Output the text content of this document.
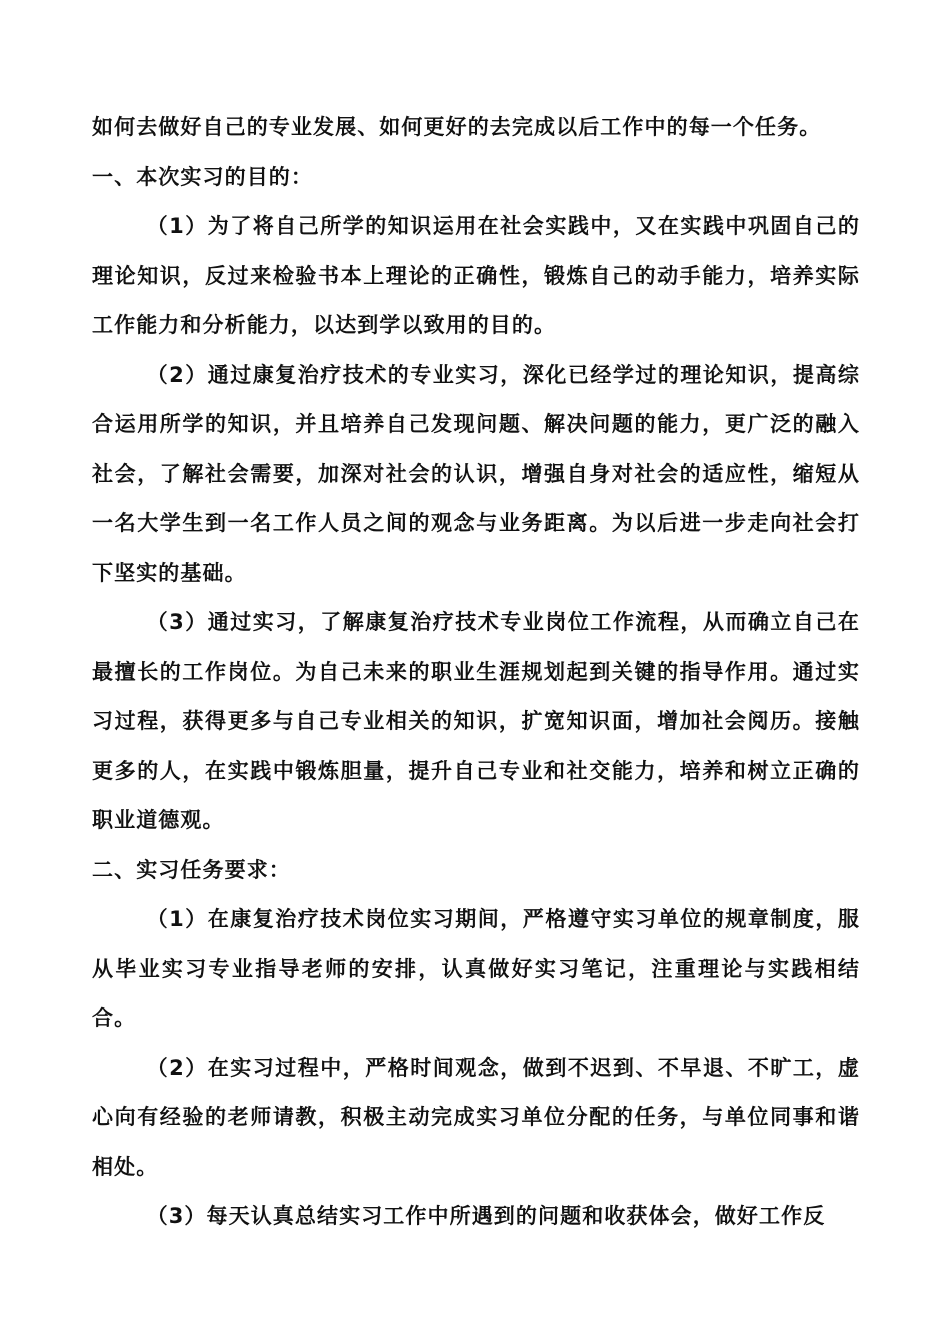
如何去做好自己的专业发展、如何更好的去完成以后工作中的每一个任务。

一、本次实习的目的：

（1）为了将自己所学的知识运用在社会实践中，又在实践中巩固自己的理论知识，反过来检验书本上理论的正确性，锻炼自己的动手能力，培养实际工作能力和分析能力，以达到学以致用的目的。

（2）通过康复治疗技术的专业实习，深化已经学过的理论知识，提高综合运用所学的知识，并且培养自己发现问题、解决问题的能力，更广泛的融入社会，了解社会需要，加深对社会的认识，增强自身对社会的适应性，缩短从一名大学生到一名工作人员之间的观念与业务距离。为以后进一步走向社会打下坚实的基础。

（3）通过实习，了解康复治疗技术专业岗位工作流程，从而确立自己在最擅长的工作岗位。为自己未来的职业生涯规划起到关键的指导作用。通过实习过程，获得更多与自己专业相关的知识，扩宽知识面，增加社会阅历。接触更多的人，在实践中锻炼胆量，提升自己专业和社交能力，培养和树立正确的职业道德观。

二、实习任务要求：

（1）在康复治疗技术岗位实习期间，严格遵守实习单位的规章制度，服从毕业实习专业指导老师的安排，认真做好实习笔记，注重理论与实践相结合。

（2）在实习过程中，严格时间观念，做到不迟到、不早退、不旷工，虚心向有经验的老师请教，积极主动完成实习单位分配的任务，与单位同事和谐相处。

（3）每天认真总结实习工作中所遇到的问题和收获体会，做好工作反
